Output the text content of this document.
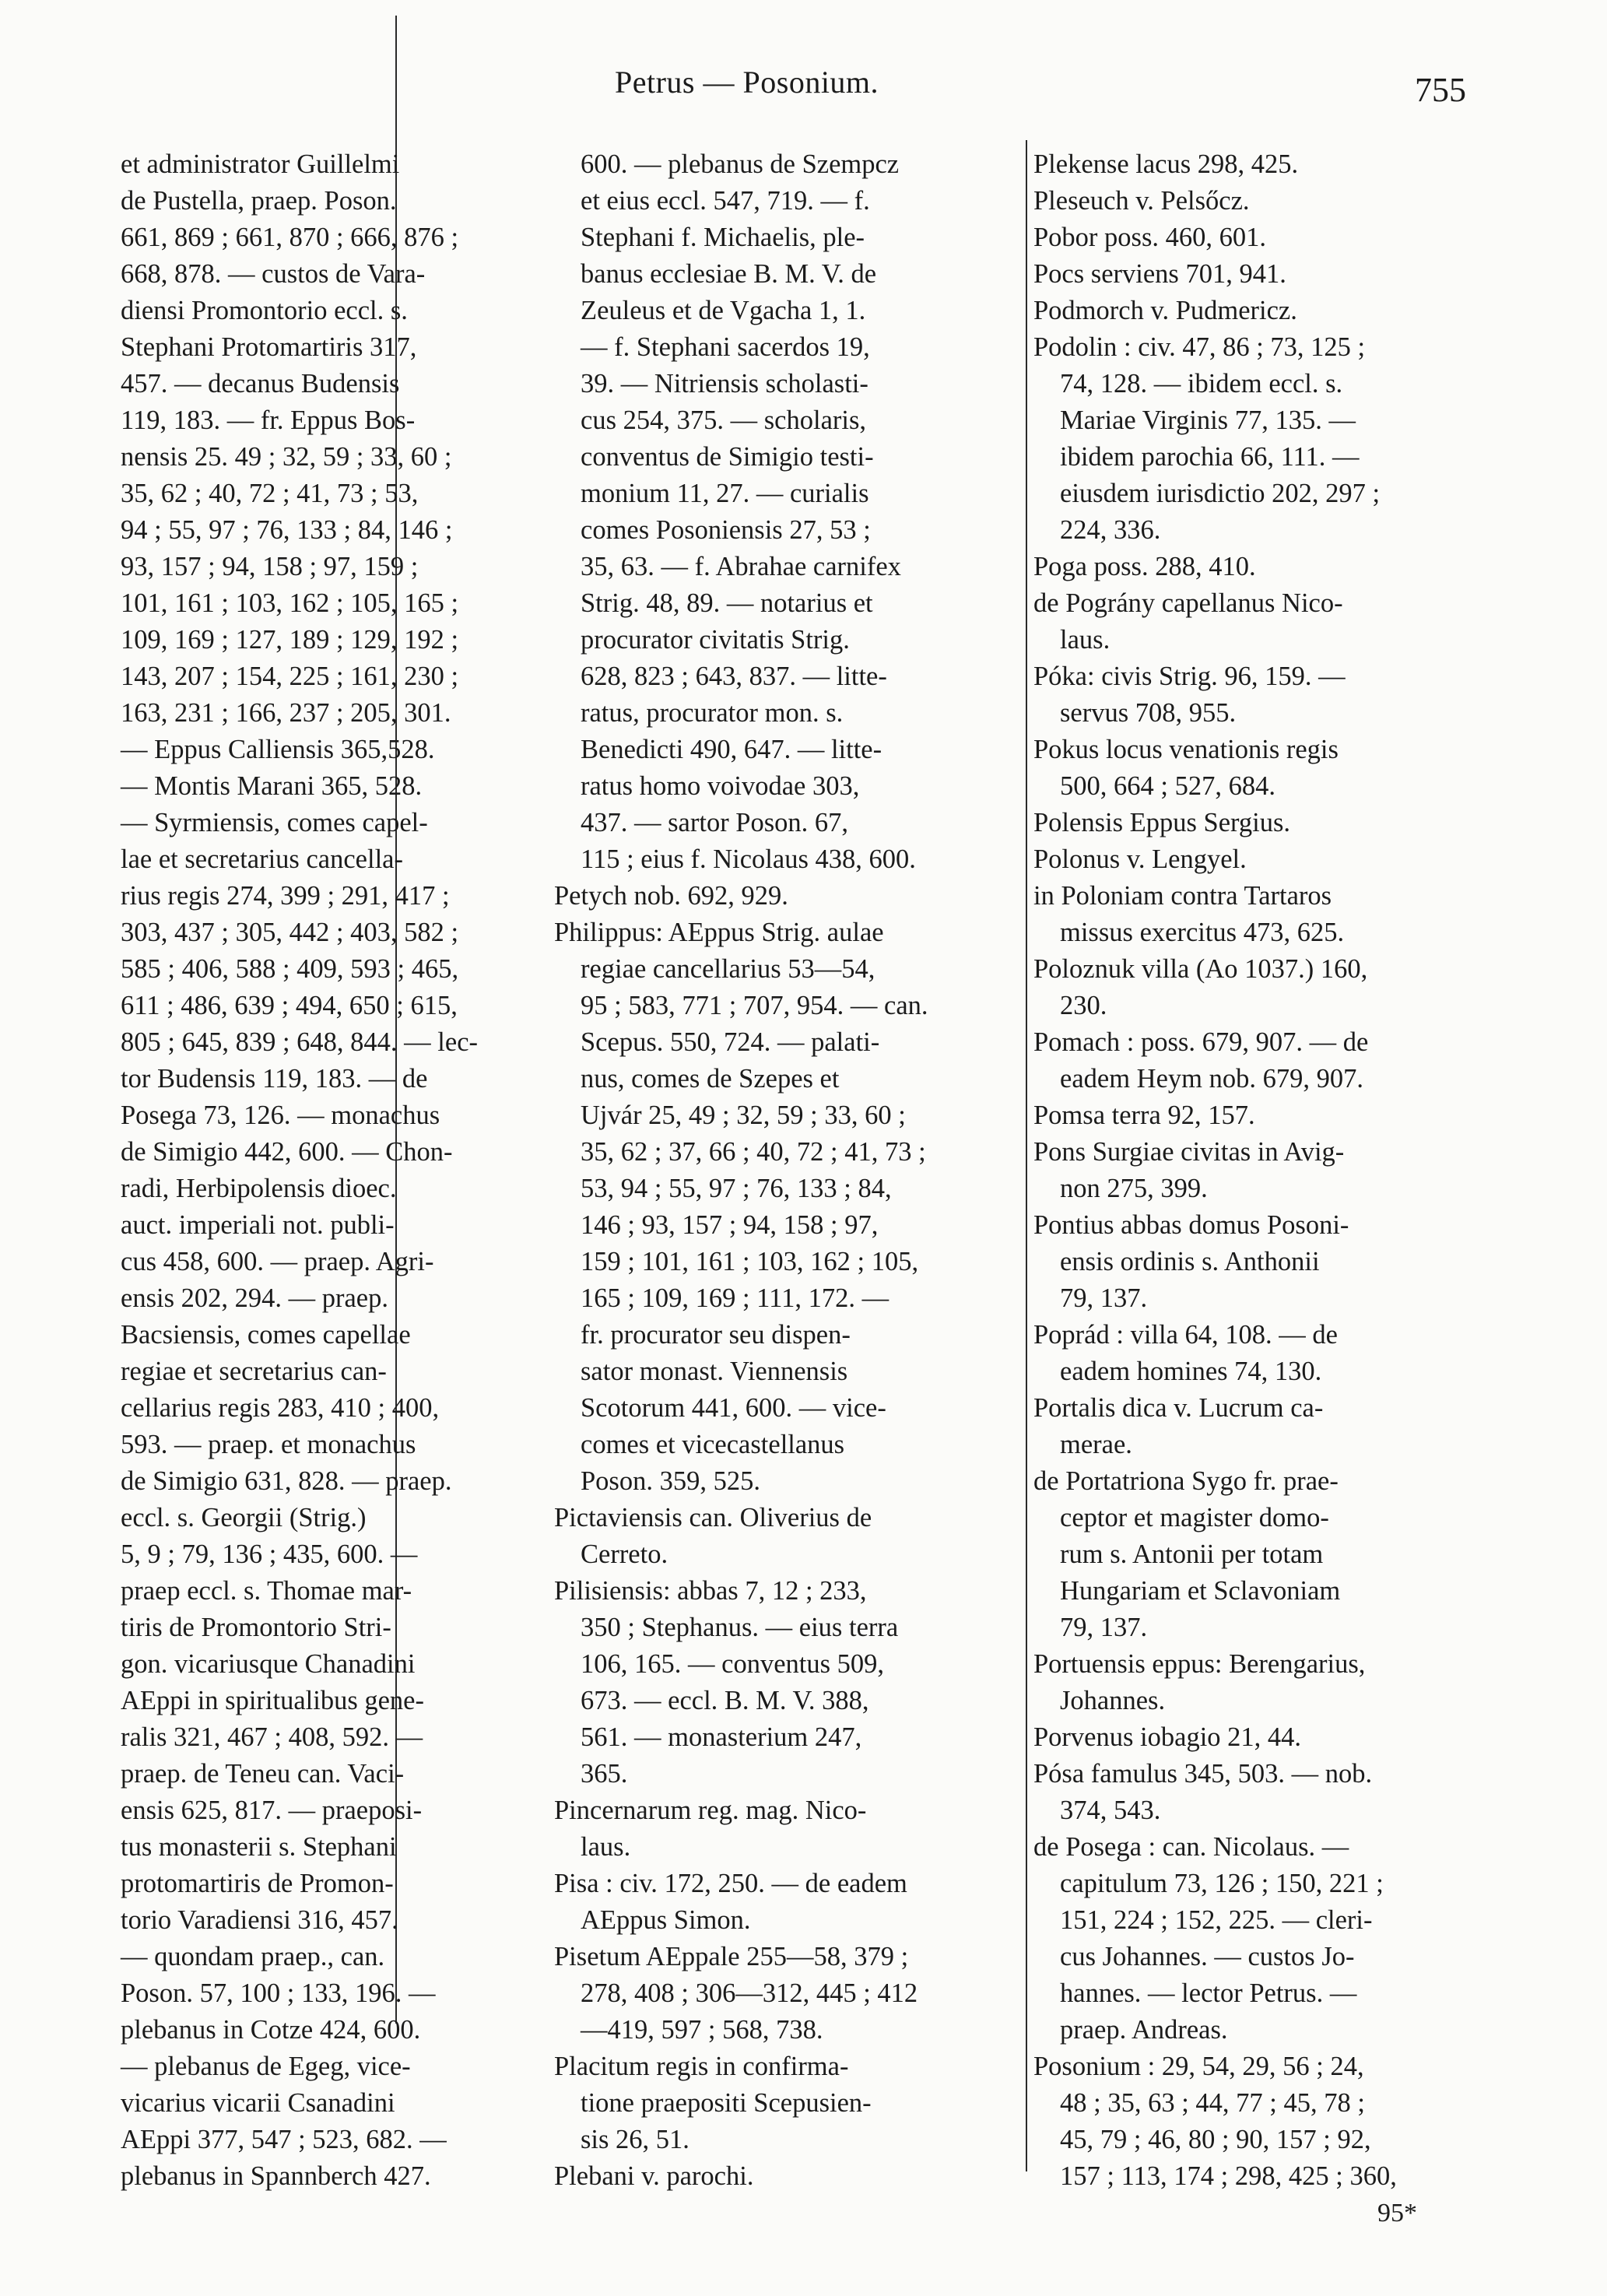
Petrus — Posonium.	755
et administrator Guillelmi
de Pustella, praep. Poson.
661, 869 ; 661, 870 ; 666, 876 ;
668, 878. — custos de Vara-
diensi Promontorio eccl. s.
Stephani Protomartiris 317,
457. — decanus Budensis
119, 183. — fr. Eppus Bos-
nensis 25. 49 ; 32, 59 ; 33, 60 ;
35, 62 ; 40, 72 ; 41, 73 ; 53,
94 ; 55, 97 ; 76, 133 ; 84, 146 ;
93, 157 ; 94, 158 ; 97, 159 ;
101, 161 ; 103, 162 ; 105, 165 ;
109, 169 ; 127, 189 ; 129, 192 ;
143, 207 ; 154, 225 ; 161, 230 ;
163, 231 ; 166, 237 ; 205, 301.
— Eppus Calliensis 365,528.
— Montis Marani 365, 528.
— Syrmiensis, comes capel-
lae et secretarius cancella-
rius regis 274, 399 ; 291, 417 ;
303, 437 ; 305, 442 ; 403, 582 ;
585 ; 406, 588 ; 409, 593 ; 465,
611 ; 486, 639 ; 494, 650 ; 615,
805 ; 645, 839 ; 648, 844. — lec-
tor Budensis 119, 183. — de
Posega 73, 126. — monachus
de Simigio 442, 600. — Chon-
radi, Herbipolensis dioec.
auct. imperiali not. publi-
cus 458, 600. — praep. Agri-
ensis 202, 294. — praep.
Bacsiensis, comes capellae
regiae et secretarius can-
cellarius regis 283, 410 ; 400,
593. — praep. et monachus
de Simigio 631, 828. — praep.
eccl. s. Georgii (Strig.)
5, 9 ; 79, 136 ; 435, 600. —
praep eccl. s. Thomae mar-
tiris de Promontorio Stri-
gon. vicariusque Chanadini
AEppi in spiritualibus gene-
ralis 321, 467 ; 408, 592. —
praep. de Teneu can. Vaci-
ensis 625, 817. — praeposi-
tus monasterii s. Stephani
protomartiris de Promon-
torio Varadiensi 316, 457.
— quondam praep., can.
Poson. 57, 100 ; 133, 196. —
plebanus in Cotze 424, 600.
— plebanus de Egeg, vice-
vicarius vicarii Csanadini
AEppi 377, 547 ; 523, 682. —
plebanus in Spannberch 427.
600. — plebanus de Szempcz
et eius eccl. 547, 719. — f.
Stephani f. Michaelis, ple-
banus ecclesiae B. M. V. de
Zeuleus et de Vgacha 1, 1.
— f. Stephani sacerdos 19,
39. — Nitriensis scholasti-
cus 254, 375. — scholaris,
conventus de Simigio testi-
monium 11, 27. — curialis
comes Posoniensis 27, 53 ;
35, 63. — f. Abrahae carnifex
Strig. 48, 89. — notarius et
procurator civitatis Strig.
628, 823 ; 643, 837. — litte-
ratus, procurator mon. s.
Benedicti 490, 647. — litte-
ratus homo voivodae 303,
437. — sartor Poson. 67,
115 ; eius f. Nicolaus 438, 600.
Petych nob. 692, 929.
Philippus: AEppus Strig. aulae
regiae cancellarius 53—54,
95 ; 583, 771 ; 707, 954. — can.
Scepus. 550, 724. — palati-
nus, comes de Szepes et
Ujvár 25, 49 ; 32, 59 ; 33, 60 ;
35, 62 ; 37, 66 ; 40, 72 ; 41, 73 ;
53, 94 ; 55, 97 ; 76, 133 ; 84,
146 ; 93, 157 ; 94, 158 ; 97,
159 ; 101, 161 ; 103, 162 ; 105,
165 ; 109, 169 ; 111, 172. —
fr. procurator seu dispen-
sator monast. Viennensis
Scotorum 441, 600. — vice-
comes et vicecastellanus
Poson. 359, 525.
Pictaviensis can. Oliverius de
Cerreto.
Pilisiensis: abbas 7, 12 ; 233,
350 ; Stephanus. — eius terra
106, 165. — conventus 509,
673. — eccl. B. M. V. 388,
561. — monasterium 247,
365.
Pincernarum reg. mag. Nico-
laus.
Pisa : civ. 172, 250. — de eadem
AEppus Simon.
Pisetum AEppale 255—58, 379 ;
278, 408 ; 306—312, 445 ; 412
—419, 597 ; 568, 738.
Placitum regis in confirma-
tione praepositi Scepusien-
sis 26, 51.
Plebani v. parochi.
Plekense lacus 298, 425.
Pleseuch v. Pelsőcz.
Pobor poss. 460, 601.
Pocs serviens 701, 941.
Podmorch v. Pudmericz.
Podolin : civ. 47, 86 ; 73, 125 ;
74, 128. — ibidem eccl. s.
Mariae Virginis 77, 135. —
ibidem parochia 66, 111. —
eiusdem iurisdictio 202, 297 ;
224, 336.
Poga poss. 288, 410.
de Pográny capellanus Nico-
laus.
Póka: civis Strig. 96, 159. —
servus 708, 955.
Pokus locus venationis regis
500, 664 ; 527, 684.
Polensis Eppus Sergius.
Polonus v. Lengyel.
in Poloniam contra Tartaros
missus exercitus 473, 625.
Poloznuk villa (Ao 1037.) 160,
230.
Pomach : poss. 679, 907. — de
eadem Heym nob. 679, 907.
Pomsa terra 92, 157.
Pons Surgiae civitas in Avig-
non 275, 399.
Pontius abbas domus Posoni-
ensis ordinis s. Anthonii
79, 137.
Poprád : villa 64, 108. — de
eadem homines 74, 130.
Portalis dica v. Lucrum ca-
merae.
de Portatriona Sygo fr. prae-
ceptor et magister domo-
rum s. Antonii per totam
Hungariam et Sclavoniam
79, 137.
Portuensis eppus: Berengarius,
Johannes.
Porvenus iobagio 21, 44.
Pósa famulus 345, 503. — nob.
374, 543.
de Posega : can. Nicolaus. —
capitulum 73, 126 ; 150, 221 ;
151, 224 ; 152, 225. — cleri-
cus Johannes. — custos Jo-
hannes. — lector Petrus. —
praep. Andreas.
Posonium : 29, 54, 29, 56 ; 24,
48 ; 35, 63 ; 44, 77 ; 45, 78 ;
45, 79 ; 46, 80 ; 90, 157 ; 92,
157 ; 113, 174 ; 298, 425 ; 360,
95*
